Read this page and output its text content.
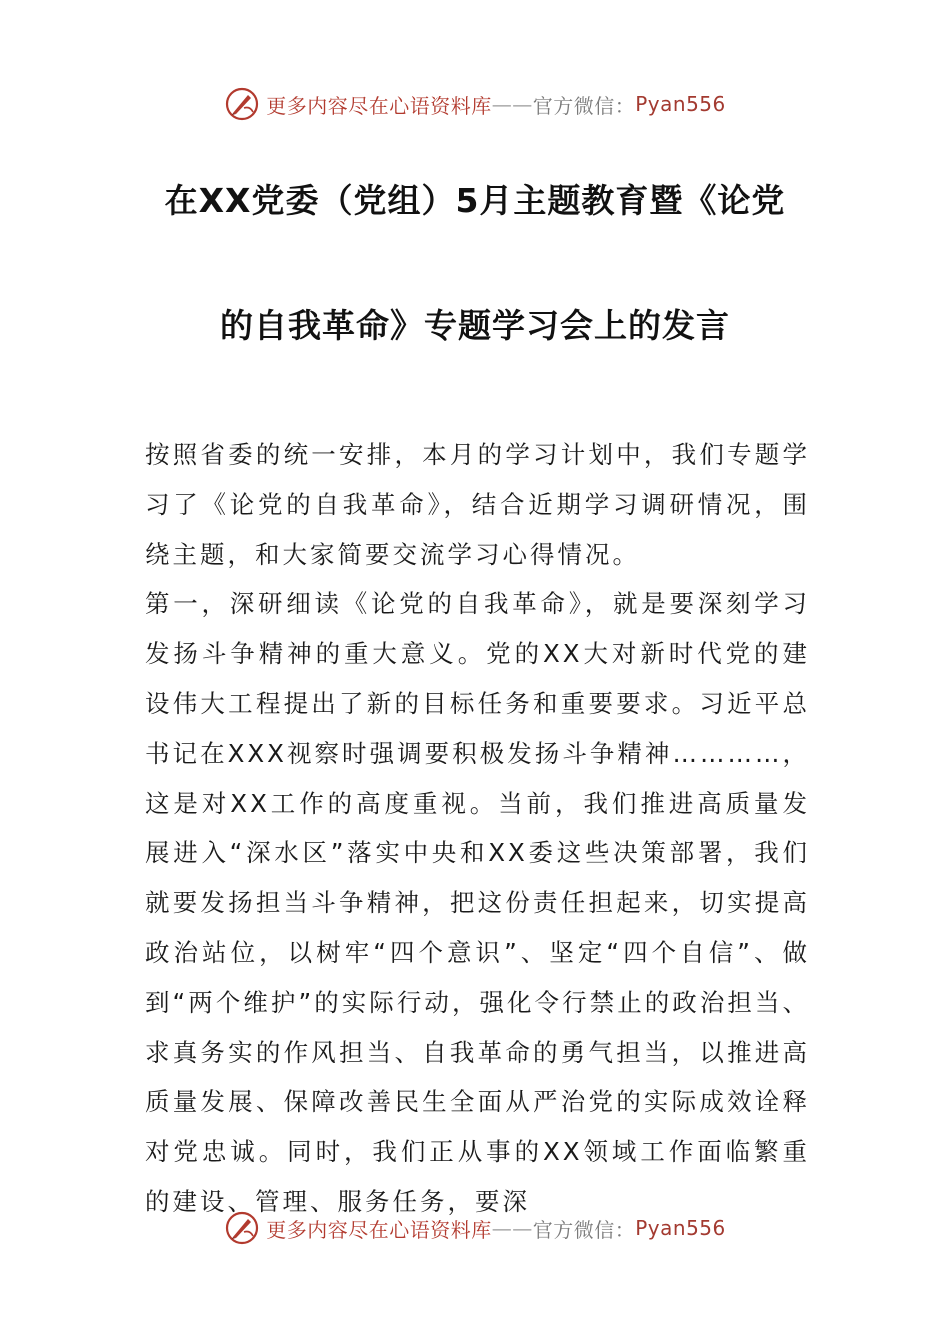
更多内容尽在心语资料库 —— 官方微信： Pyan556
在XX党委（党组）5月主题教育暨《论党
的自我革命》专题学习会上的发言

按照省委的统一安排，本月的学习计划中，我们专题学习了《论党的自我革命》，结合近期学习调研情况，围绕主题，和大家简要交流学习心得情况。

第一，深研细读《论党的自我革命》，就是要深刻学习发扬斗争精神的重大意义。党的XX大对新时代党的建设伟大工程提出了新的目标任务和重要要求。习近平总书记在XXX视察时强调要积极发扬斗争精神…………，这是对XX工作的高度重视。当前，我们推进高质量发展进入“深水区”落实中央和XX委这些决策部署，我们就要发扬担当斗争精神，把这份责任担起来，切实提高政治站位，以树牢“四个意识”、坚定“四个自信”、做到“两个维护”的实际行动，强化令行禁止的政治担当、求真务实的作风担当、自我革命的勇气担当，以推进高质量发展、保障改善民生全面从严治党的实际成效诠释对党忠诚。同时，我们正从事的XX领域工作面临繁重的建设、管理、服务任务，要深

更多内容尽在心语资料库 —— 官方微信： Pyan556
